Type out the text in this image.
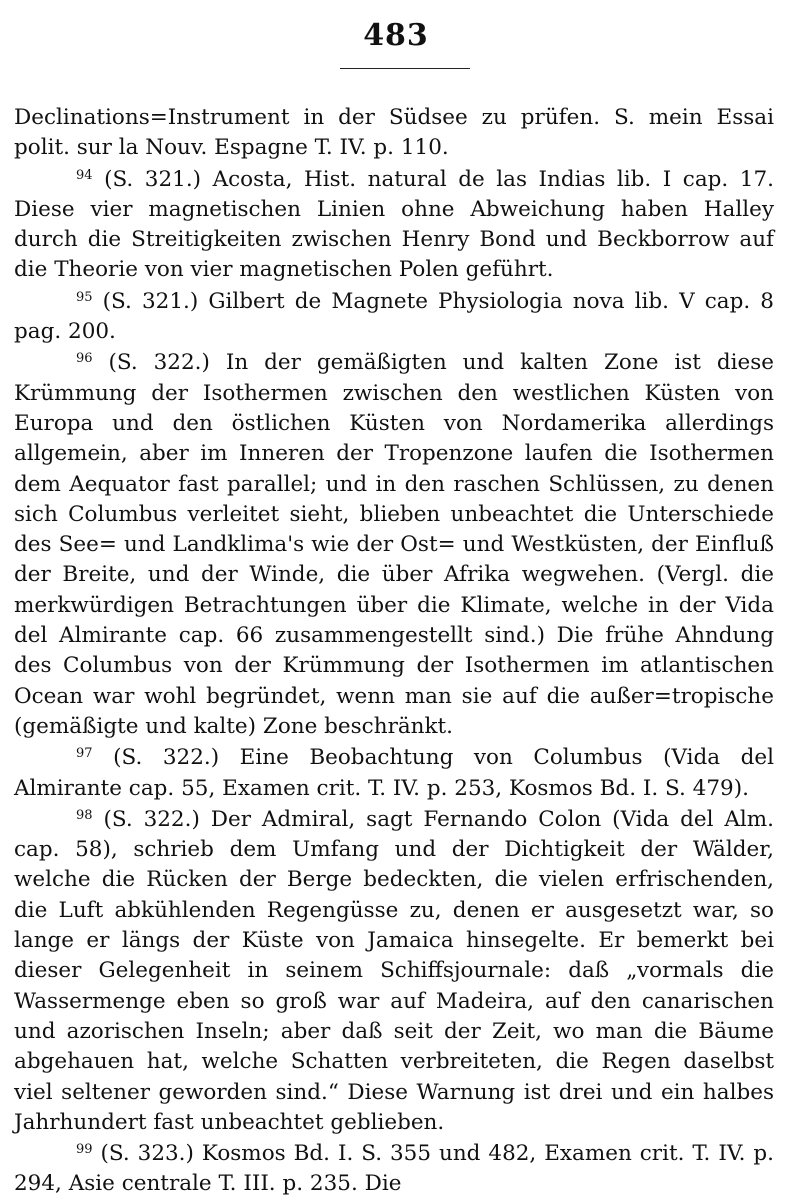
483

Declinations=Instrument in der Südsee zu prüfen. S. mein Essai polit. sur la Nouv. Espagne T. IV. p. 110.

$^{94}$ (S. 321.) Acosta, Hist. natural de las Indias lib. I cap. 17. Diese vier magnetischen Linien ohne Abweichung haben Halley durch die Streitigkeiten zwischen Henry Bond und Beckborrow auf die Theorie von vier magnetischen Polen geführt.

$^{95}$ (S. 321.) Gilbert de Magnete Physiologia nova lib. V cap. 8 pag. 200.

$^{96}$ (S. 322.) In der gemäßigten und kalten Zone ist diese Krümmung der Isothermen zwischen den westlichen Küsten von Europa und den östlichen Küsten von Nordamerika allerdings allgemein, aber im Inneren der Tropenzone laufen die Isothermen dem Aequator fast parallel; und in den raschen Schlüssen, zu denen sich Columbus verleitet sieht, blieben unbeachtet die Unterschiede des See= und Landklima's wie der Ost= und Westküsten, der Einfluß der Breite, und der Winde, die über Afrika wegwehen. (Vergl. die merkwürdigen Betrachtungen über die Klimate, welche in der Vida del Almirante cap. 66 zusammengestellt sind.) Die frühe Ahndung des Columbus von der Krümmung der Isothermen im atlantischen Ocean war wohl begründet, wenn man sie auf die außer=tropische (gemäßigte und kalte) Zone beschränkt.

$^{97}$ (S. 322.) Eine Beobachtung von Columbus (Vida del Almirante cap. 55, Examen crit. T. IV. p. 253, Kosmos Bd. I. S. 479).

$^{98}$ (S. 322.) Der Admiral, sagt Fernando Colon (Vida del Alm. cap. 58), schrieb dem Umfang und der Dichtigkeit der Wälder, welche die Rücken der Berge bedeckten, die vielen erfrischenden, die Luft abkühlenden Regengüsse zu, denen er ausgesetzt war, so lange er längs der Küste von Jamaica hinsegelte. Er bemerkt bei dieser Gelegenheit in seinem Schiffsjournale: daß „vormals die Wassermenge eben so groß war auf Madeira, auf den canarischen und azorischen Inseln; aber daß seit der Zeit, wo man die Bäume abgehauen hat, welche Schatten verbreiteten, die Regen daselbst viel seltener geworden sind.“ Diese Warnung ist drei und ein halbes Jahrhundert fast unbeachtet geblieben.

$^{99}$ (S. 323.) Kosmos Bd. I. S. 355 und 482, Examen crit. T. IV. p. 294, Asie centrale T. III. p. 235. Die
